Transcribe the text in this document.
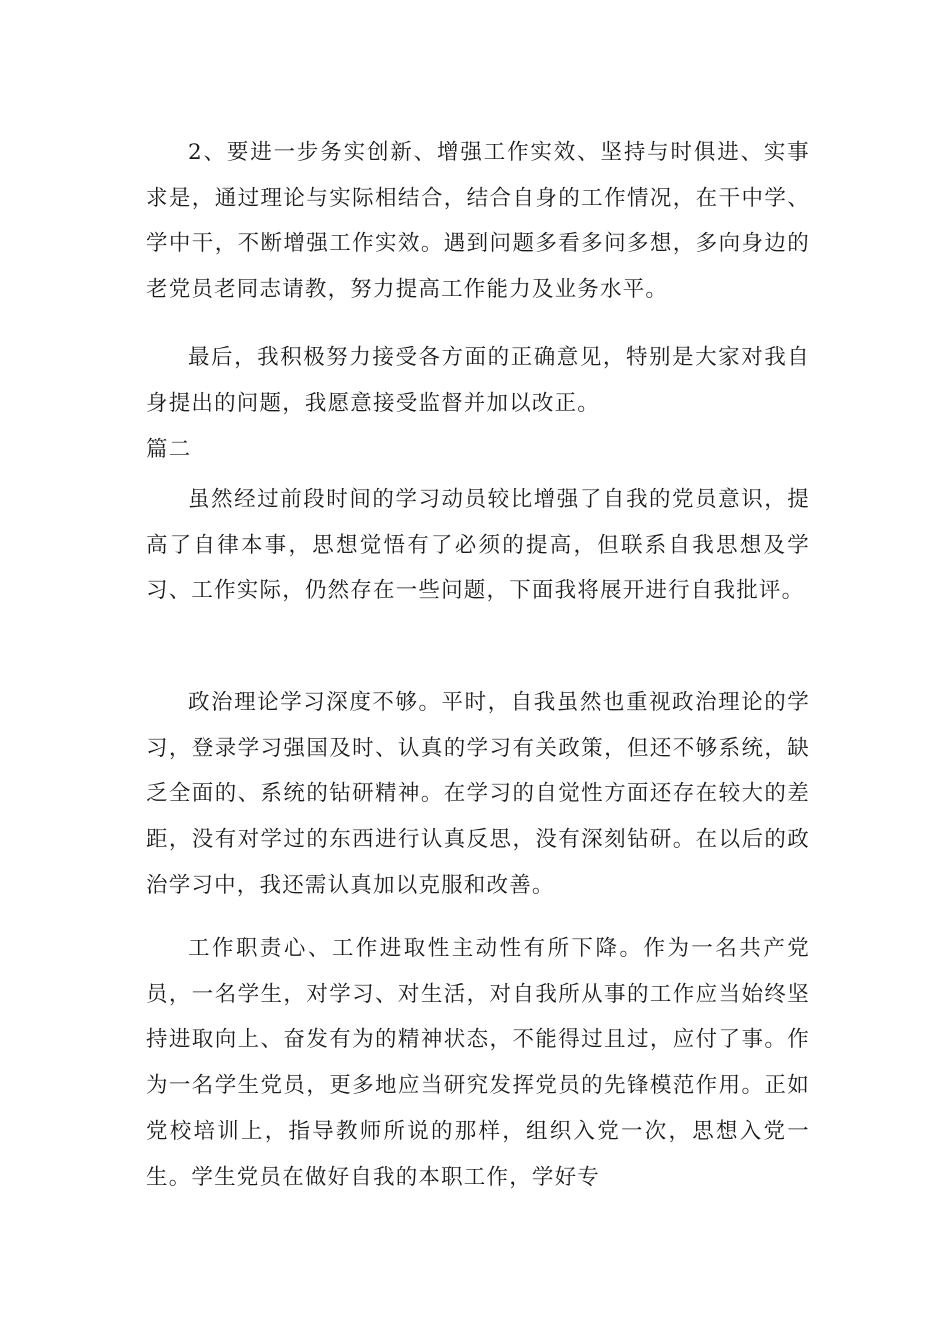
2、要进一步务实创新、增强工作实效、坚持与时俱进、实事求是，通过理论与实际相结合，结合自身的工作情况，在干中学、学中干，不断增强工作实效。遇到问题多看多问多想，多向身边的老党员老同志请教，努力提高工作能力及业务水平。

最后，我积极努力接受各方面的正确意见，特别是大家对我自身提出的问题，我愿意接受监督并加以改正。

篇二

虽然经过前段时间的学习动员较比增强了自我的党员意识，提高了自律本事，思想觉悟有了必须的提高，但联系自我思想及学习、工作实际，仍然存在一些问题，下面我将展开进行自我批评。

政治理论学习深度不够。平时，自我虽然也重视政治理论的学习，登录学习强国及时、认真的学习有关政策，但还不够系统，缺乏全面的、系统的钻研精神。在学习的自觉性方面还存在较大的差距，没有对学过的东西进行认真反思，没有深刻钻研。在以后的政治学习中，我还需认真加以克服和改善。

工作职责心、工作进取性主动性有所下降。作为一名共产党员，一名学生，对学习、对生活，对自我所从事的工作应当始终坚持进取向上、奋发有为的精神状态，不能得过且过，应付了事。作为一名学生党员，更多地应当研究发挥党员的先锋模范作用。正如党校培训上，指导教师所说的那样，组织入党一次，思想入党一生。学生党员在做好自我的本职工作，学好专
